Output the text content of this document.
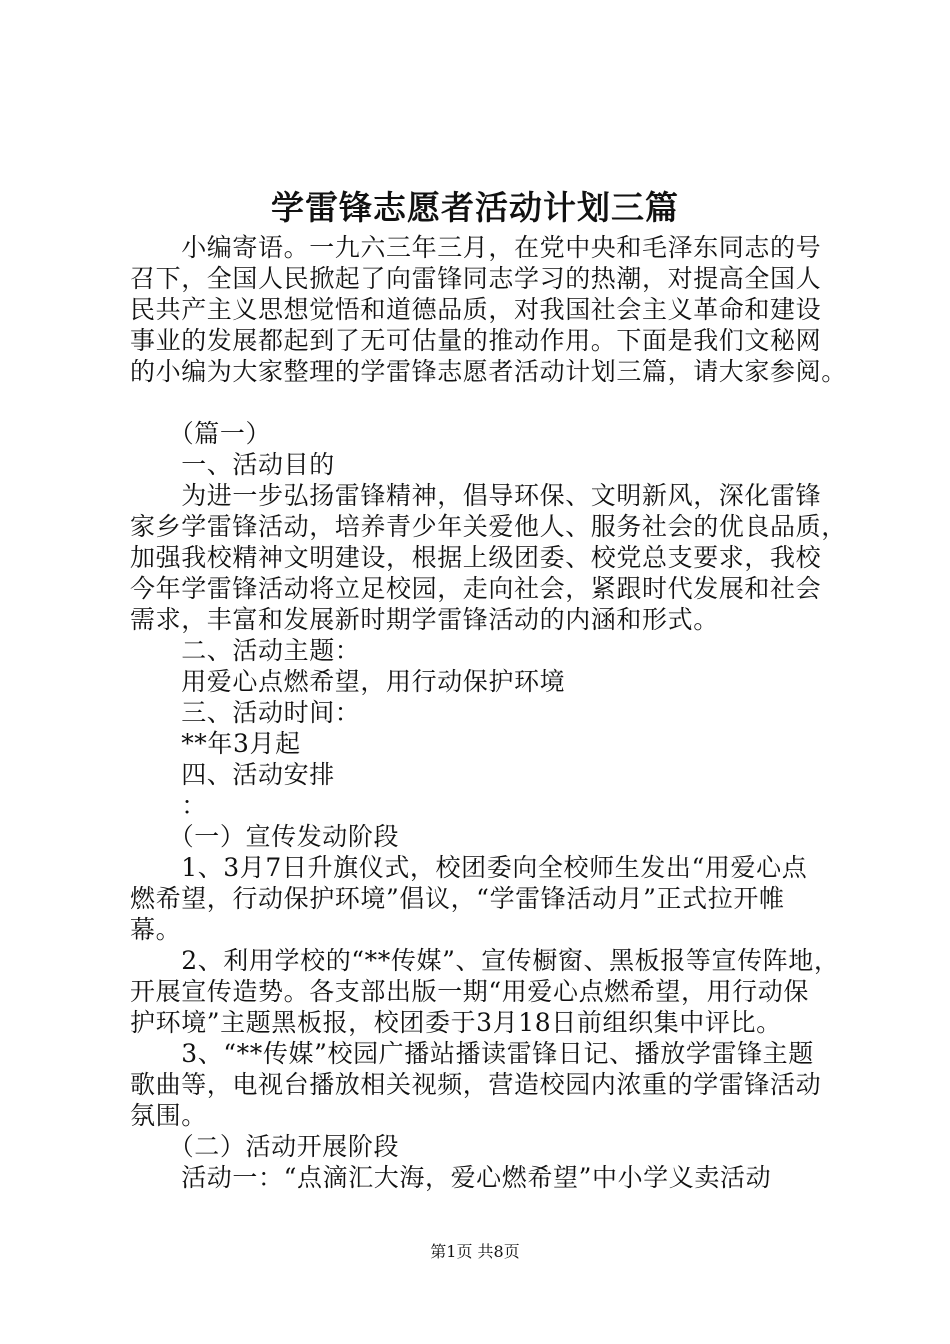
学雷锋志愿者活动计划三篇

　　小编寄语。一九六三年三月，在党中央和毛泽东同志的号

召下，全国人民掀起了向雷锋同志学习的热潮，对提高全国人

民共产主义思想觉悟和道德品质，对我国社会主义革命和建设

事业的发展都起到了无可估量的推动作用。下面是我们文秘网

的小编为大家整理的学雷锋志愿者活动计划三篇，请大家参阅。

　　（篇一）

　　一、活动目的

　　为进一步弘扬雷锋精神，倡导环保、文明新风，深化雷锋

家乡学雷锋活动，培养青少年关爱他人、服务社会的优良品质，

加强我校精神文明建设，根据上级团委、校党总支要求，我校

今年学雷锋活动将立足校园，走向社会，紧跟时代发展和社会

需求，丰富和发展新时期学雷锋活动的内涵和形式。

　　二、活动主题：

　　用爱心点燃希望，用行动保护环境

　　三、活动时间：

　　**年3月起

　　四、活动安排

　　：

　　（一）宣传发动阶段

　　1、3月7日升旗仪式，校团委向全校师生发出“用爱心点

燃希望，行动保护环境”倡议，“学雷锋活动月”正式拉开帷

幕。

　　2、利用学校的“**传媒”、宣传橱窗、黑板报等宣传阵地，

开展宣传造势。各支部出版一期“用爱心点燃希望，用行动保

护环境”主题黑板报，校团委于3月18日前组织集中评比。

　　3、“**传媒”校园广播站播读雷锋日记、播放学雷锋主题

歌曲等，电视台播放相关视频，营造校园内浓重的学雷锋活动

氛围。

　　（二）活动开展阶段

　　活动一：“点滴汇大海，爱心燃希望”中小学义卖活动

第1页 共8页
